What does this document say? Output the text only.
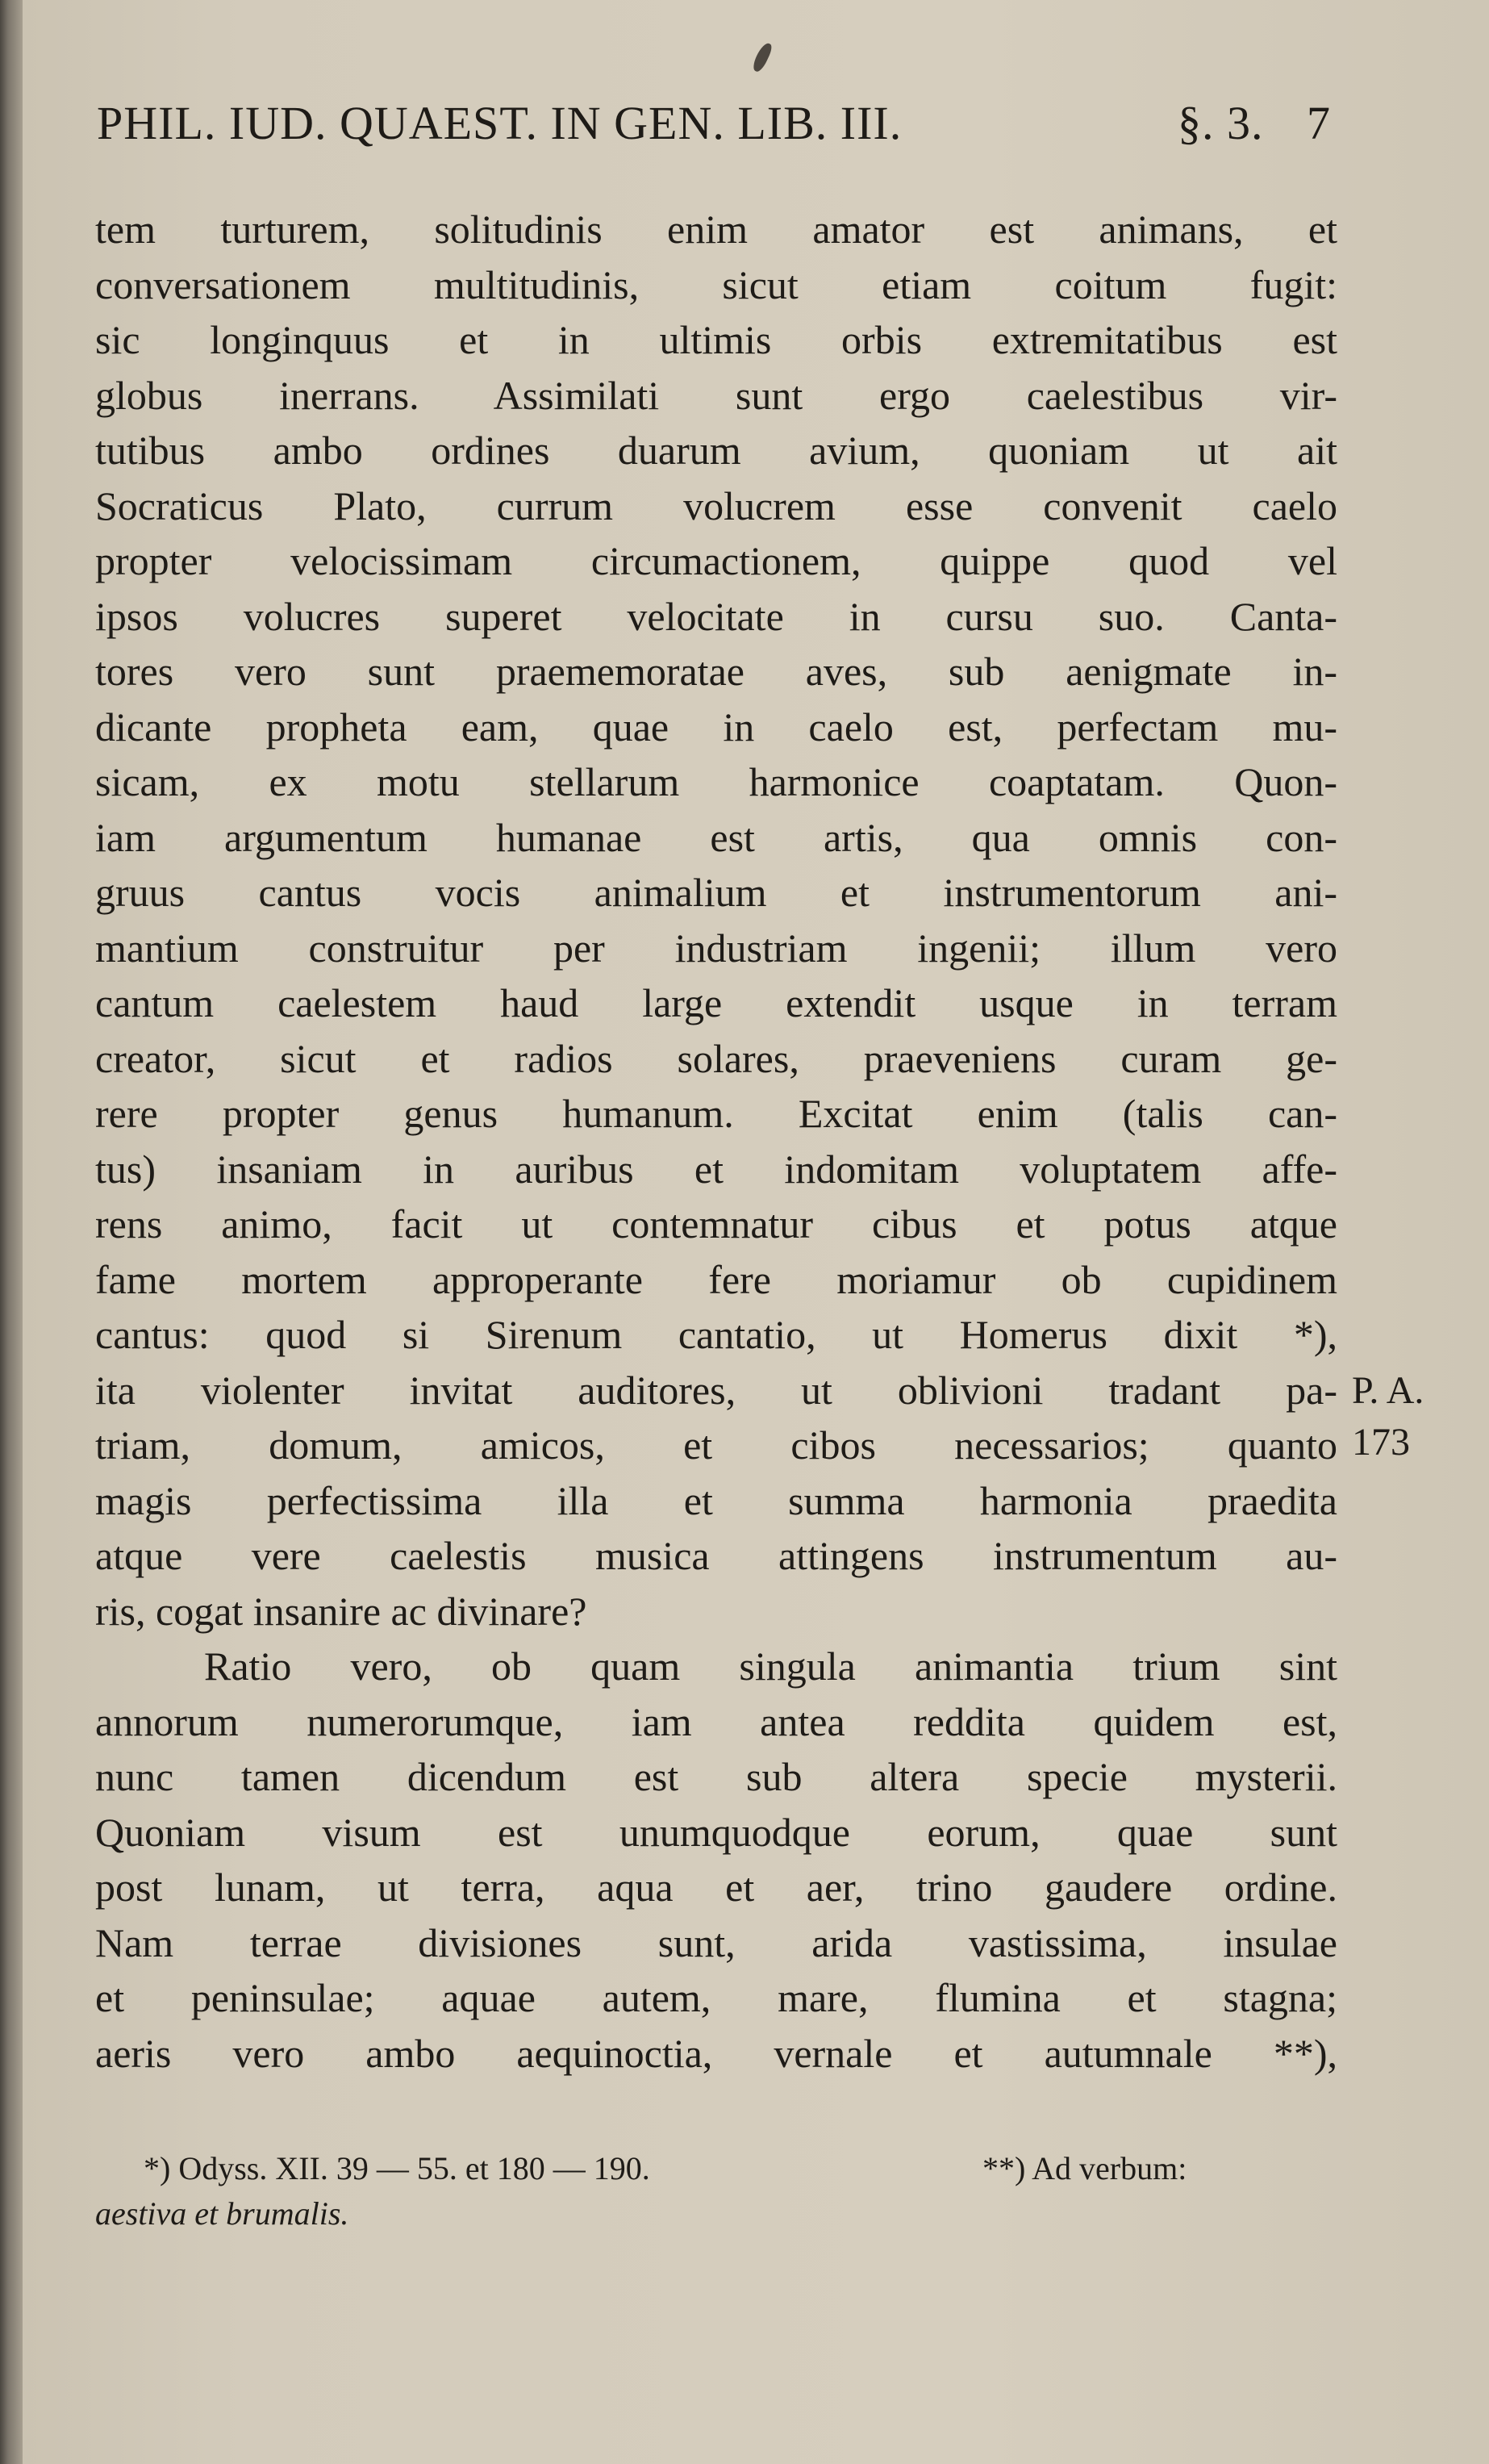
PHIL. IUD. QUAEST. IN GEN. LIB. III.	§. 3. 7
tem turturem, solitudinis enim amator est animans, et
conversationem multitudinis, sicut etiam coitum fugit:
sic longinquus et in ultimis orbis extremitatibus est
globus inerrans. Assimilati sunt ergo caelestibus vir-
tutibus ambo ordines duarum avium, quoniam ut ait
Socraticus Plato, currum volucrem esse convenit caelo
propter velocissimam circumactionem, quippe quod vel
ipsos volucres superet velocitate in cursu suo. Canta-
tores vero sunt praememoratae aves, sub aenigmate in-
dicante propheta eam, quae in caelo est, perfectam mu-
sicam, ex motu stellarum harmonice coaptatam. Quon-
iam argumentum humanae est artis, qua omnis con-
gruus cantus vocis animalium et instrumentorum ani-
mantium construitur per industriam ingenii; illum vero
cantum caelestem haud large extendit usque in terram
creator, sicut et radios solares, praeveniens curam ge-
rere propter genus humanum. Excitat enim (talis can-
tus) insaniam in auribus et indomitam voluptatem affe-
rens animo, facit ut contemnatur cibus et potus atque
fame mortem approperante fere moriamur ob cupidinem
cantus: quod si Sirenum cantatio, ut Homerus dixit *),
ita violenter invitat auditores, ut oblivioni tradant pa-
triam, domum, amicos, et cibos necessarios; quanto
magis perfectissima illa et summa harmonia praedita
atque vere caelestis musica attingens instrumentum au-
ris, cogat insanire ac divinare?
Ratio vero, ob quam singula animantia trium sint
annorum numerorumque, iam antea reddita quidem est,
nunc tamen dicendum est sub altera specie mysterii.
Quoniam visum est unumquodque eorum, quae sunt
post lunam, ut terra, aqua et aer, trino gaudere ordine.
Nam terrae divisiones sunt, arida vastissima, insulae
et peninsulae; aquae autem, mare, flumina et stagna;
aeris vero ambo aequinoctia, vernale et autumnale **),
P. A.
173
*) Odyss. XII. 39 — 55. et 180 — 190.	**) Ad verbum:
aestiva et brumalis.
